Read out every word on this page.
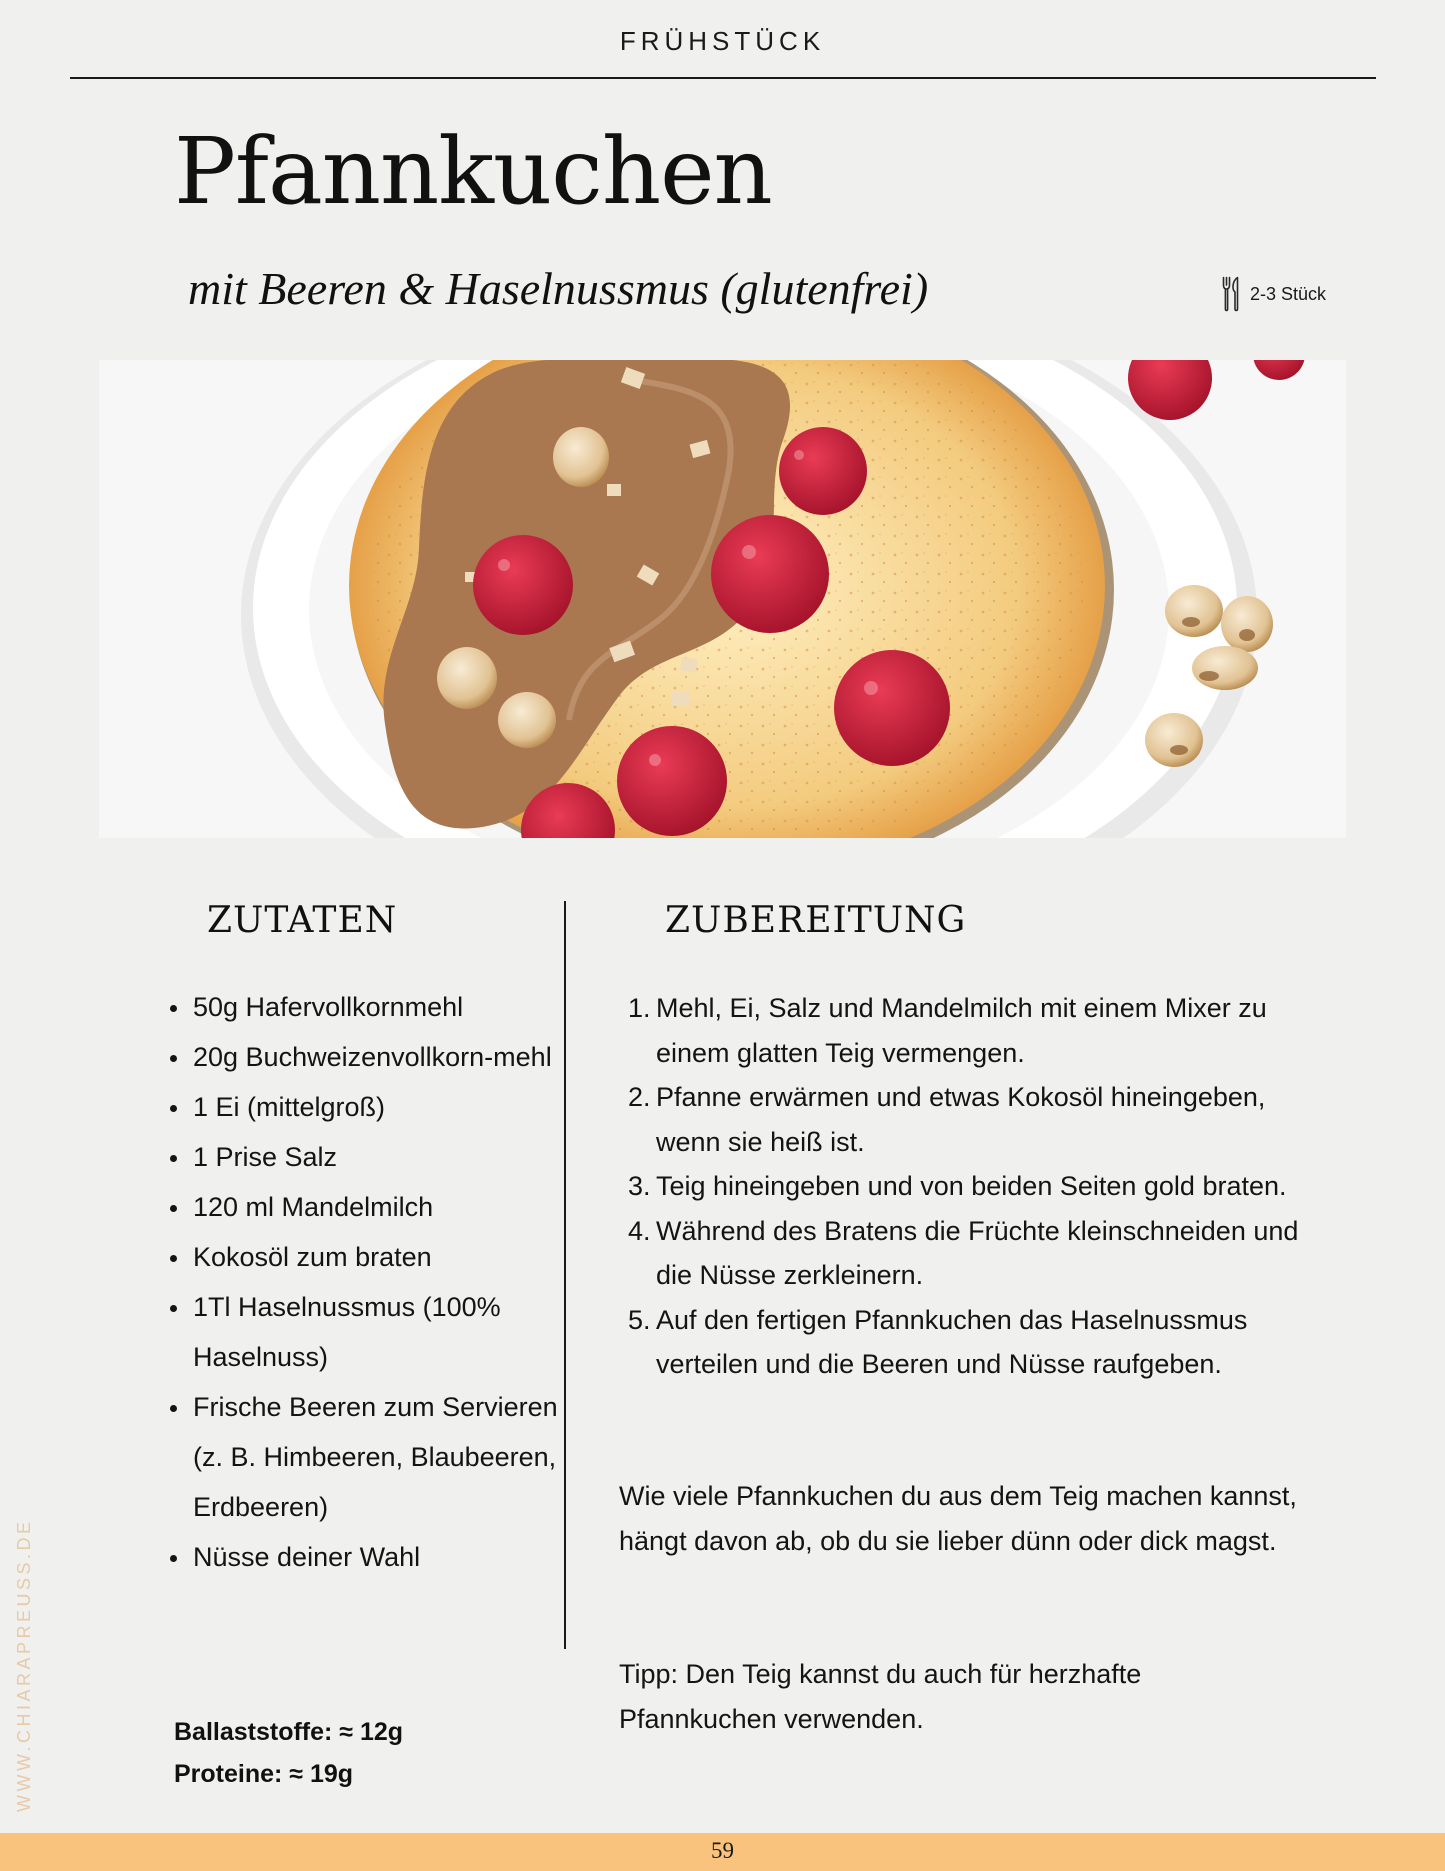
FRÜHSTÜCK
Pfannkuchen
mit Beeren & Haselnussmus (glutenfrei)	2-3 Stück
ZUTATEN	ZUBEREITUNG
50g Hafervollkornmehl
20g Buchweizenvollkorn-mehl
1 Ei (mittelgroß)
1 Prise Salz
120 ml Mandelmilch
Kokosöl zum braten
1Tl Haselnussmus (100% Haselnuss)
Frische Beeren zum Servieren (z. B. Himbeeren, Blaubeeren, Erdbeeren)
Nüsse deiner Wahl
1. Mehl, Ei, Salz und Mandelmilch mit einem Mixer zu einem glatten Teig vermengen.
2. Pfanne erwärmen und etwas Kokosöl hineingeben, wenn sie heiß ist.
3. Teig hineingeben und von beiden Seiten gold braten.
4. Während des Bratens die Früchte kleinschneiden und die Nüsse zerkleinern.
5. Auf den fertigen Pfannkuchen das Haselnussmus verteilen und die Beeren und Nüsse raufgeben.

Wie viele Pfannkuchen du aus dem Teig machen kannst, hängt davon ab, ob du sie lieber dünn oder dick magst.

Tipp: Den Teig kannst du auch für herzhafte Pfannkuchen verwenden.

Ballaststoffe: ≈ 12g
Proteine: ≈ 19g
WWW.CHIARAPREUSS.DE
59
